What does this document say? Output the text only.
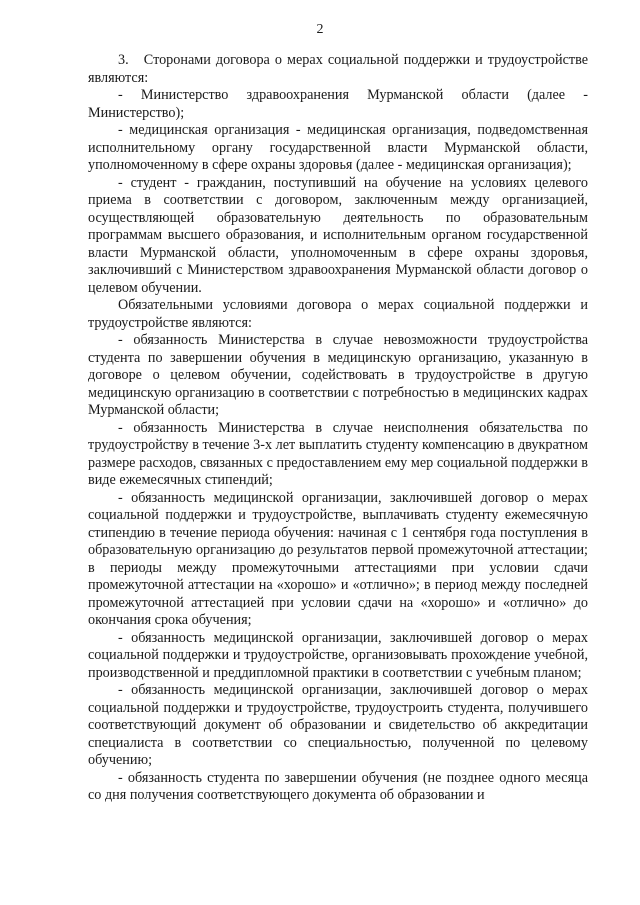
2

3.   Сторонами договора о мерах социальной поддержки и трудоустройстве являются:

- Министерство здравоохранения Мурманской области (далее - Министерство);

- медицинская организация - медицинская организация, подведомственная исполнительному органу государственной власти Мурманской области, уполномоченному в сфере охраны здоровья (далее - медицинская организация);

- студент - гражданин, поступивший на обучение на условиях целевого приема в соответствии с договором, заключенным между организацией, осуществляющей образовательную деятельность по образовательным программам высшего образования, и исполнительным органом государственной власти Мурманской области, уполномоченным в сфере охраны здоровья, заключивший с Министерством здравоохранения Мурманской области договор о целевом обучении.

Обязательными условиями договора о мерах социальной поддержки и трудоустройстве являются:

- обязанность Министерства в случае невозможности трудоустройства студента по завершении обучения в медицинскую организацию, указанную в договоре о целевом обучении, содействовать в трудоустройстве в другую медицинскую организацию в соответствии с потребностью в медицинских кадрах Мурманской области;

- обязанность Министерства в случае неисполнения обязательства по трудоустройству в течение 3-х лет выплатить студенту компенсацию в двукратном размере расходов, связанных с предоставлением ему мер социальной поддержки в виде ежемесячных стипендий;

- обязанность медицинской организации, заключившей договор о мерах социальной поддержки и трудоустройстве, выплачивать студенту ежемесячную стипендию в течение периода обучения: начиная с 1 сентября года поступления в образовательную организацию до результатов первой промежуточной аттестации; в периоды между промежуточными аттестациями при условии сдачи промежуточной аттестации на «хорошо» и «отлично»; в период между последней промежуточной аттестацией при условии сдачи на «хорошо» и «отлично» до окончания срока обучения;

- обязанность медицинской организации, заключившей договор о мерах социальной поддержки и трудоустройстве, организовывать прохождение учебной, производственной и преддипломной практики в соответствии с учебным планом;

- обязанность медицинской организации, заключившей договор о мерах социальной поддержки и трудоустройстве, трудоустроить студента, получившего соответствующий документ об образовании и свидетельство об аккредитации специалиста в соответствии со специальностью, полученной по целевому обучению;

- обязанность студента по завершении обучения (не позднее одного месяца со дня получения соответствующего документа об образовании и
